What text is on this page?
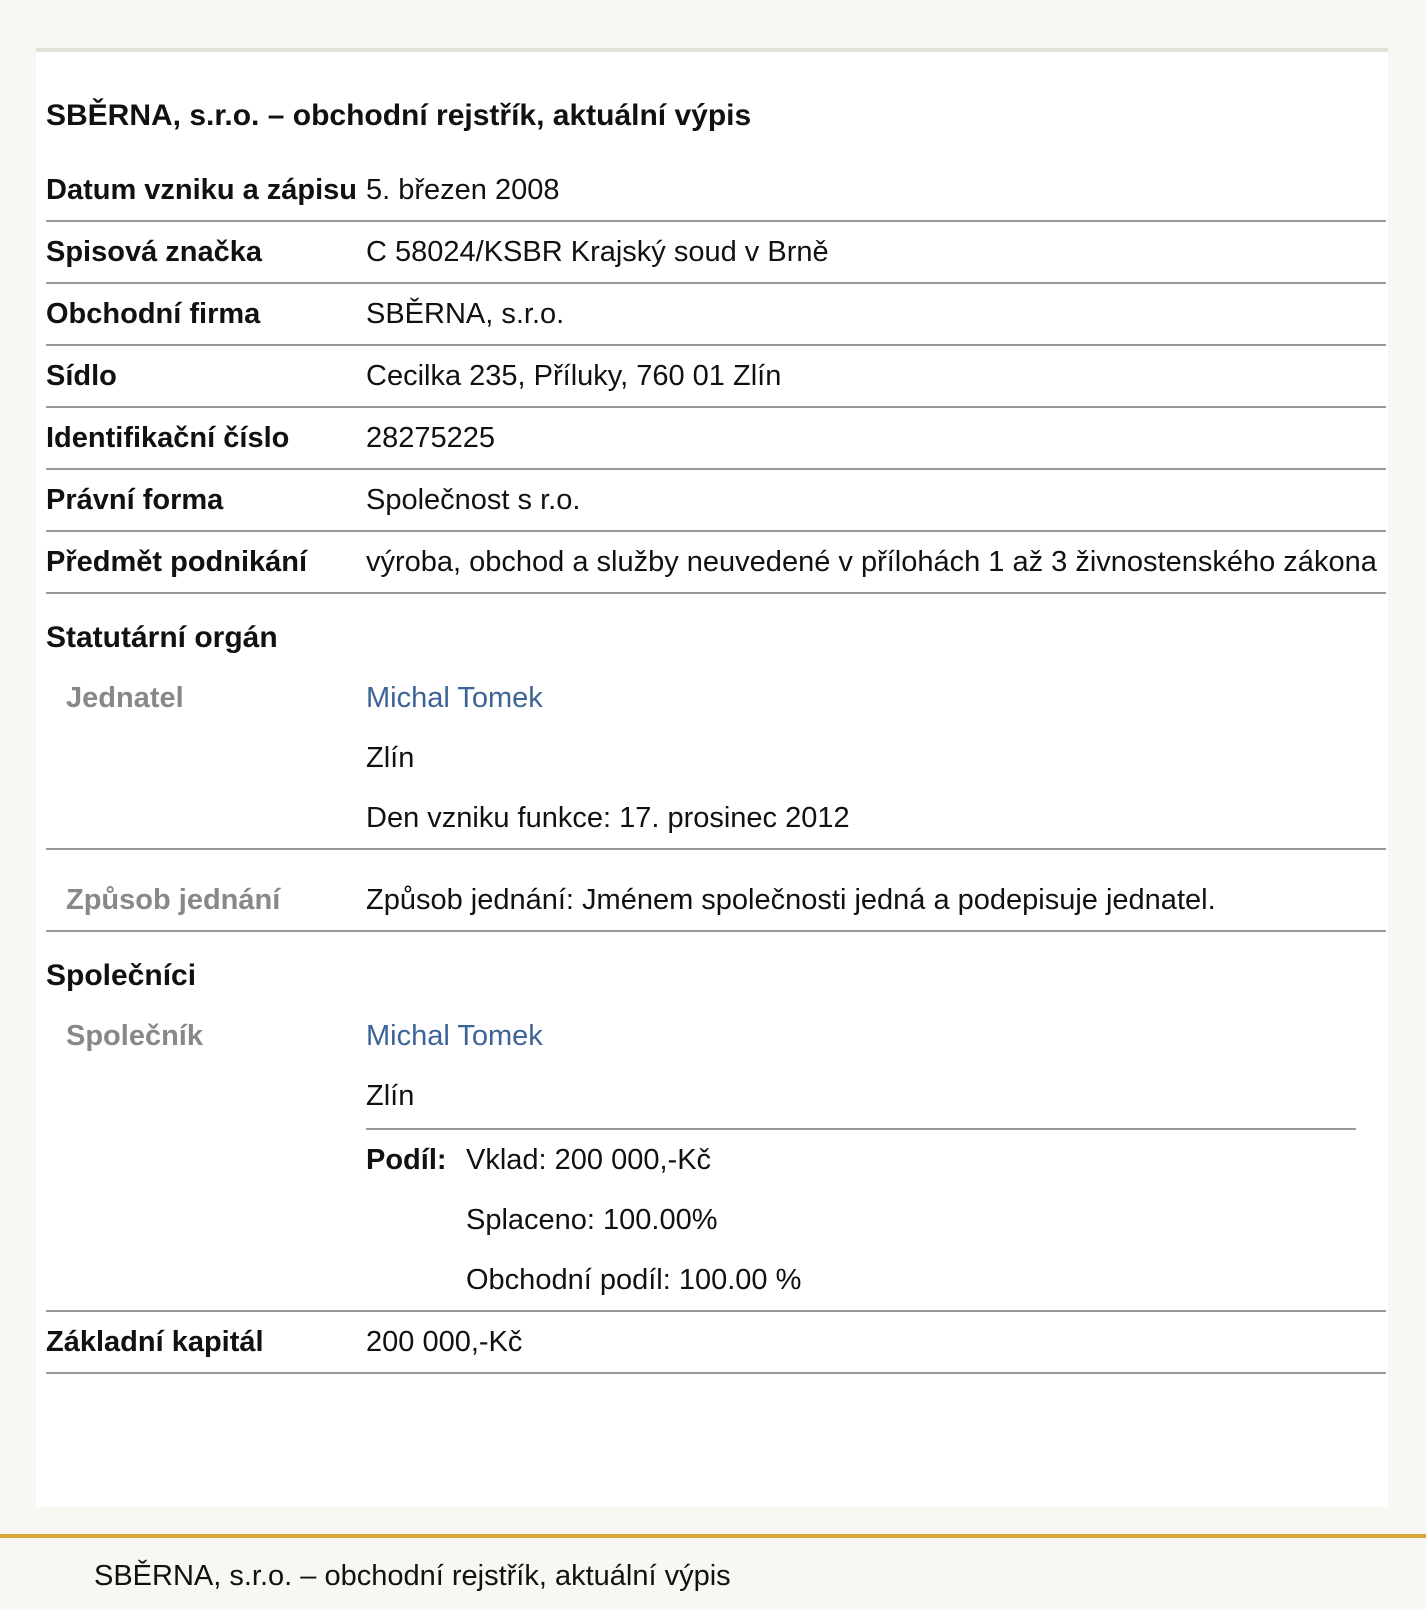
SBĚRNA, s.r.o. – obchodní rejstřík, aktuální výpis
Datum vzniku a zápisu 5. březen 2008
Spisová značka	C 58024/KSBR Krajský soud v Brně
Obchodní firma	SBĚRNA, s.r.o.
Sídlo	Cecilka 235, Příluky, 760 01 Zlín
Identifikační číslo	28275225
Právní forma	Společnost s r.o.
Předmět podnikání	výroba, obchod a služby neuvedené v přílohách 1 až 3 živnostenského zákona
Statutární orgán
Jednatel	Michal Tomek

Zlín

Den vzniku funkce: 17. prosinec 2012

Způsob jednání	Způsob jednání: Jménem společnosti jedná a podepisuje jednatel.
Společníci
Společník	Michal Tomek

Zlín

Podíl: Vklad: 200 000,-Kč

Splaceno: 100.00%

Obchodní podíl: 100.00 %

Základní kapitál	200 000,-Kč
SBĚRNA, s.r.o. – obchodní rejstřík, aktuální výpis
